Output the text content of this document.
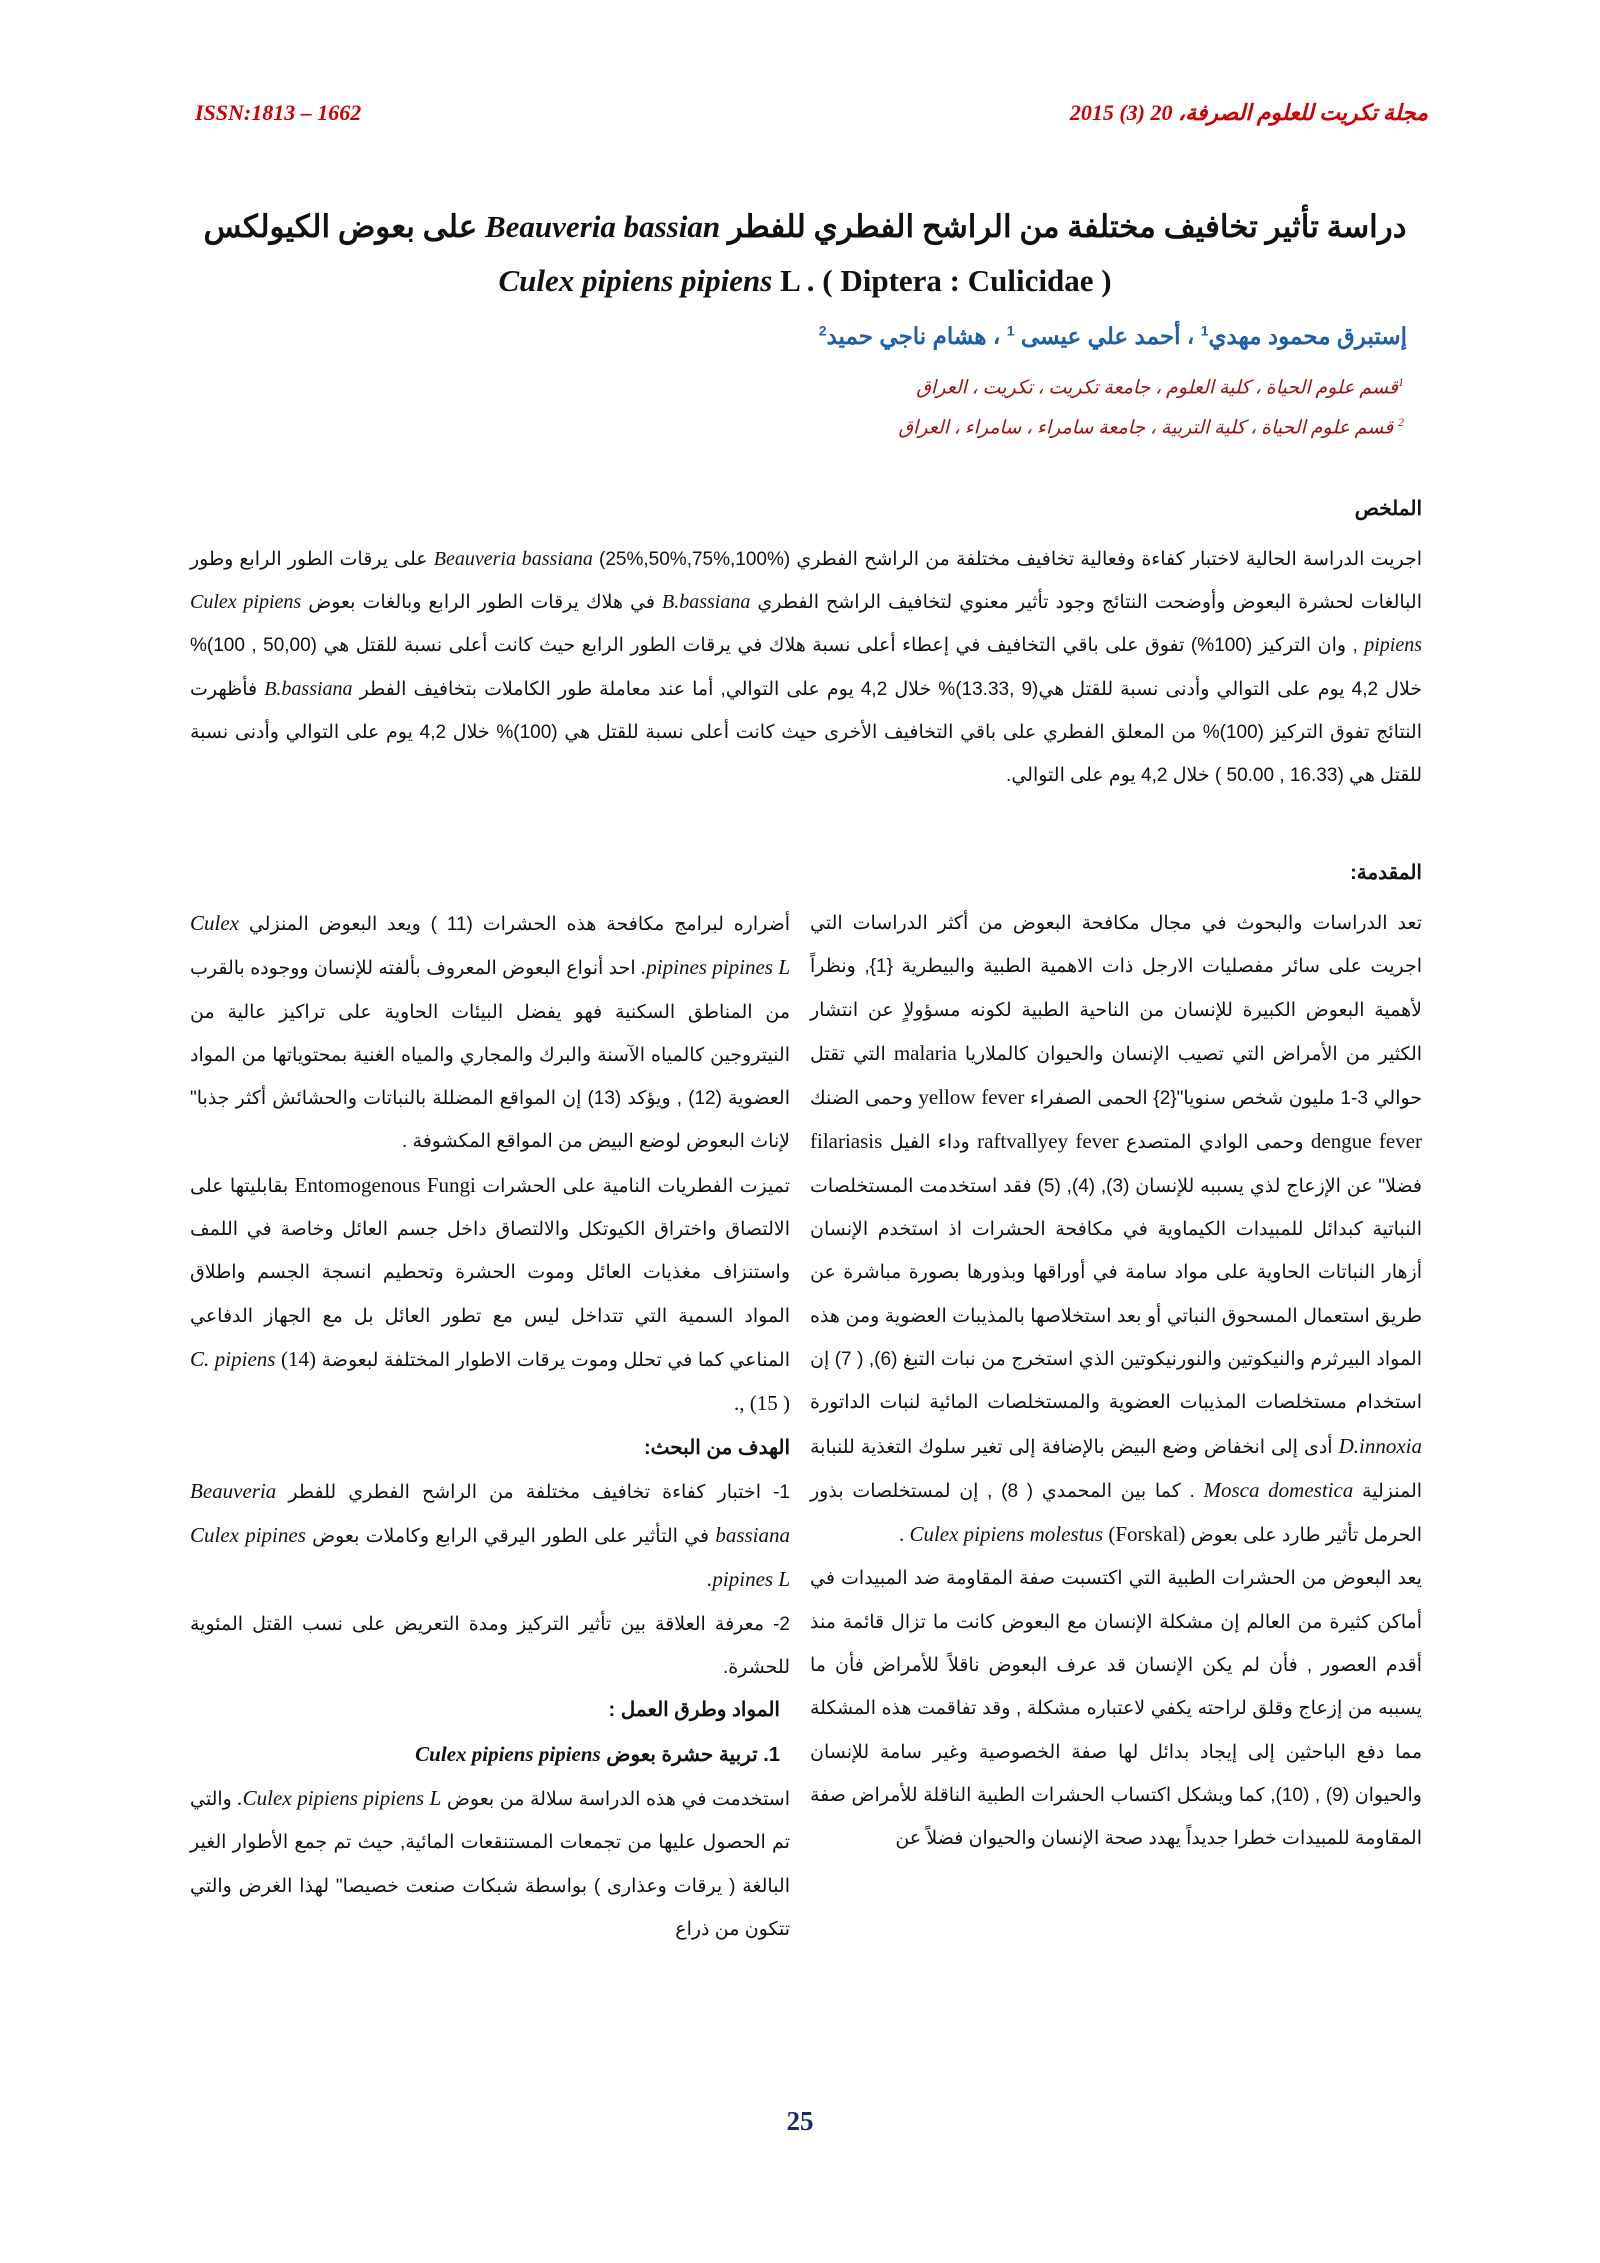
ISSN:1813 – 1662	مجلة تكريت للعلوم الصرفة، 20 (3) 2015
دراسة تأثير تخافيف مختلفة من الراشح الفطري للفطر Beauveria bassian على بعوض الكيولكس
Culex pipiens pipiens L . ( Diptera : Culicidae )
إستبرق محمود مهدي$^1$ ، أحمد علي عيسى $^1$ ، هشام ناجي حميد$^2$
$^1$قسم علوم الحياة ، كلية العلوم ، جامعة تكريت ، تكريت ، العراق
$^2$ قسم علوم الحياة ، كلية التربية ، جامعة سامراء ، سامراء ، العراق
الملخص
اجريت الدراسة الحالية لاختبار كفاءة وفعالية تخافيف مختلفة من الراشح الفطري Beauveria bassiana (25%,50%,75%,100%) على يرقات الطور الرابع وطور البالغات لحشرة البعوض وأوضحت النتائج وجود تأثير معنوي لتخافيف الراشح الفطري B.bassiana في هلاك يرقات الطور الرابع وبالغات بعوض Culex pipiens pipiens , وان التركيز (100%) تفوق على باقي التخافيف في إعطاء أعلى نسبة هلاك في يرقات الطور الرابع حيث كانت أعلى نسبة للقتل هي (50,00 , 100)% خلال 4,2 يوم على التوالي وأدنى نسبة للقتل هي(9 ,13.33)% خلال 4,2 يوم على التوالي, أما عند معاملة طور الكاملات بتخافيف الفطر B.bassiana فأظهرت النتائج تفوق التركيز (100)% من المعلق الفطري على باقي التخافيف الأخرى حيث كانت أعلى نسبة للقتل هي (100)% خلال 4,2 يوم على التوالي وأدنى نسبة للقتل هي (16.33 , 50.00 ) خلال 4,2 يوم على التوالي.
المقدمة:

تعد الدراسات والبحوث في مجال مكافحة البعوض من أكثر الدراسات التي اجريت على سائر مفصليات الارجل ذات الاهمية الطبية والبيطرية {1}, ونظراً لأهمية البعوض الكبيرة للإنسان من الناحية الطبية لكونه مسؤولاٍ عن انتشار الكثير من الأمراض التي تصيب الإنسان والحيوان كالملاريا malaria التي تقتل حوالي 3-1 مليون شخص سنويا"{2} الحمى الصفراء yellow fever وحمى الضنك dengue fever وحمى الوادي المتصدع raftvallyey fever وداء الفيل filariasis فضلا" عن الإزعاج لذي يسببه للإنسان (3), (4), (5) فقد استخدمت المستخلصات النباتية كبدائل للمبيدات الكيماوية في مكافحة الحشرات اذ استخدم الإنسان أزهار النباتات الحاوية على مواد سامة في أوراقها وبذورها بصورة مباشرة عن طريق استعمال المسحوق النباتي أو بعد استخلاصها بالمذيبات العضوية ومن هذه المواد البيرثرم والنيكوتين والنورنيكوتين الذي استخرج من نبات التبغ (6), ( 7) إن استخدام مستخلصات المذيبات العضوية والمستخلصات المائية لنبات الداتورة D.innoxia أدى إلى انخفاض وضع البيض بالإضافة إلى تغير سلوك التغذية للنبابة المنزلية Mosca domestica . كما بين المحمدي ( 8) , إن لمستخلصات بذور الحرمل تأثير طارد على بعوض Culex pipiens molestus (Forskal) .

يعد البعوض من الحشرات الطبية التي اكتسبت صفة المقاومة ضد المبيدات في أماكن كثيرة من العالم إن مشكلة الإنسان مع البعوض كانت ما تزال قائمة منذ أقدم العصور , فأن لم يكن الإنسان قد عرف البعوض ناقلاً للأمراض فأن ما يسببه من إزعاج وقلق لراحته يكفي لاعتباره مشكلة , وقد تفاقمت هذه المشكلة مما دفع الباحثين إلى إيجاد بدائل لها صفة الخصوصية وغير سامة للإنسان والحيوان (9) , (10), كما ويشكل اكتساب الحشرات الطبية الناقلة للأمراض صفة المقاومة للمبيدات خطرا جديداً يهدد صحة الإنسان والحيوان فضلاً عن

أضراره لبرامج مكافحة هذه الحشرات (11 ) ويعد البعوض المنزلي Culex pipines pipines L. احد أنواع البعوض المعروف بألفته للإنسان ووجوده بالقرب من المناطق السكنية فهو يفضل البيئات الحاوية على تراكيز عالية من النيتروجين كالمياه الآسنة والبرك والمجاري والمياه الغنية بمحتوياتها من المواد العضوية (12) , ويؤكد (13) إن المواقع المضللة بالنباتات والحشائش أكثر جذبا" لإناث البعوض لوضع البيض من المواقع المكشوفة .

تميزت الفطريات النامية على الحشرات Entomogenous Fungi بقابليتها على الالتصاق واختراق الكيوتكل والالتصاق داخل جسم العائل وخاصة في اللمف واستنزاف مغذيات العائل وموت الحشرة وتحطيم انسجة الجسم واطلاق المواد السمية التي تتداخل ليس مع تطور العائل بل مع الجهاز الدفاعي المناعي كما في تحلل وموت يرقات الاطوار المختلفة لبعوضة C. pipiens (14) , (15 ).

الهدف من البحث:

1- اختبار كفاءة تخافيف مختلفة من الراشح الفطري للفطر Beauveria bassiana في التأثير على الطور اليرقي الرابع وكاملات بعوض Culex pipines pipines L.

2- معرفة العلاقة بين تأثير التركيز ومدة التعريض على نسب القتل المئوية للحشرة.

المواد وطرق العمل :

1. تربية حشرة بعوض Culex pipiens pipiens

استخدمت في هذه الدراسة سلالة من بعوض Culex pipiens pipiens L. والتي تم الحصول عليها من تجمعات المستنقعات المائية, حيث تم جمع الأطوار الغير البالغة ( يرقات وعذارى ) بواسطة شبكات صنعت خصيصا" لهذا الغرض والتي تتكون من ذراع

25
